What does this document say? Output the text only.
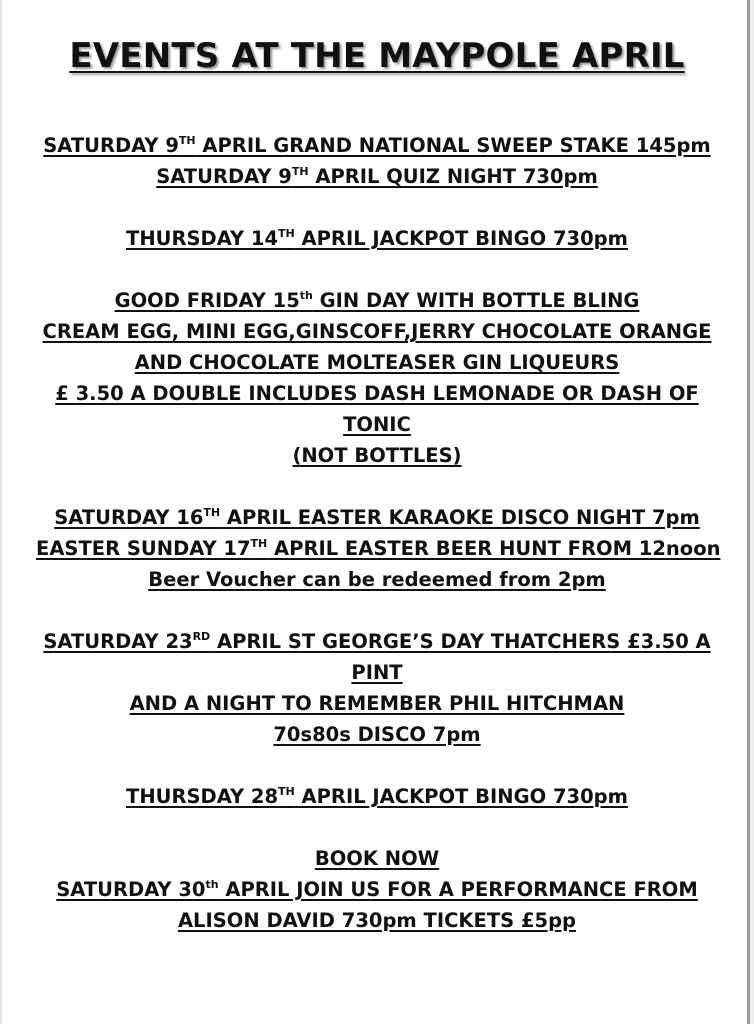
EVENTS AT THE MAYPOLE APRIL
SATURDAY 9TH APRIL GRAND NATIONAL SWEEP STAKE 145pm
SATURDAY 9TH APRIL QUIZ NIGHT 730pm
THURSDAY 14TH APRIL JACKPOT BINGO 730pm
GOOD FRIDAY 15th GIN DAY WITH BOTTLE BLING
CREAM EGG, MINI EGG,GINSCOFF,JERRY CHOCOLATE ORANGE
AND CHOCOLATE MOLTEASER GIN LIQUEURS
£ 3.50 A DOUBLE INCLUDES DASH LEMONADE OR DASH OF
TONIC
(NOT BOTTLES)
SATURDAY 16TH APRIL EASTER KARAOKE DISCO NIGHT 7pm
EASTER SUNDAY 17TH APRIL EASTER BEER HUNT FROM 12noon
Beer Voucher can be redeemed from 2pm
SATURDAY 23RD APRIL ST GEORGE’S DAY THATCHERS £3.50 A
PINT
AND A NIGHT TO REMEMBER PHIL HITCHMAN
70s80s DISCO 7pm
THURSDAY 28TH APRIL JACKPOT BINGO 730pm
BOOK NOW
SATURDAY 30th APRIL JOIN US FOR A PERFORMANCE FROM
ALISON DAVID 730pm TICKETS £5pp
